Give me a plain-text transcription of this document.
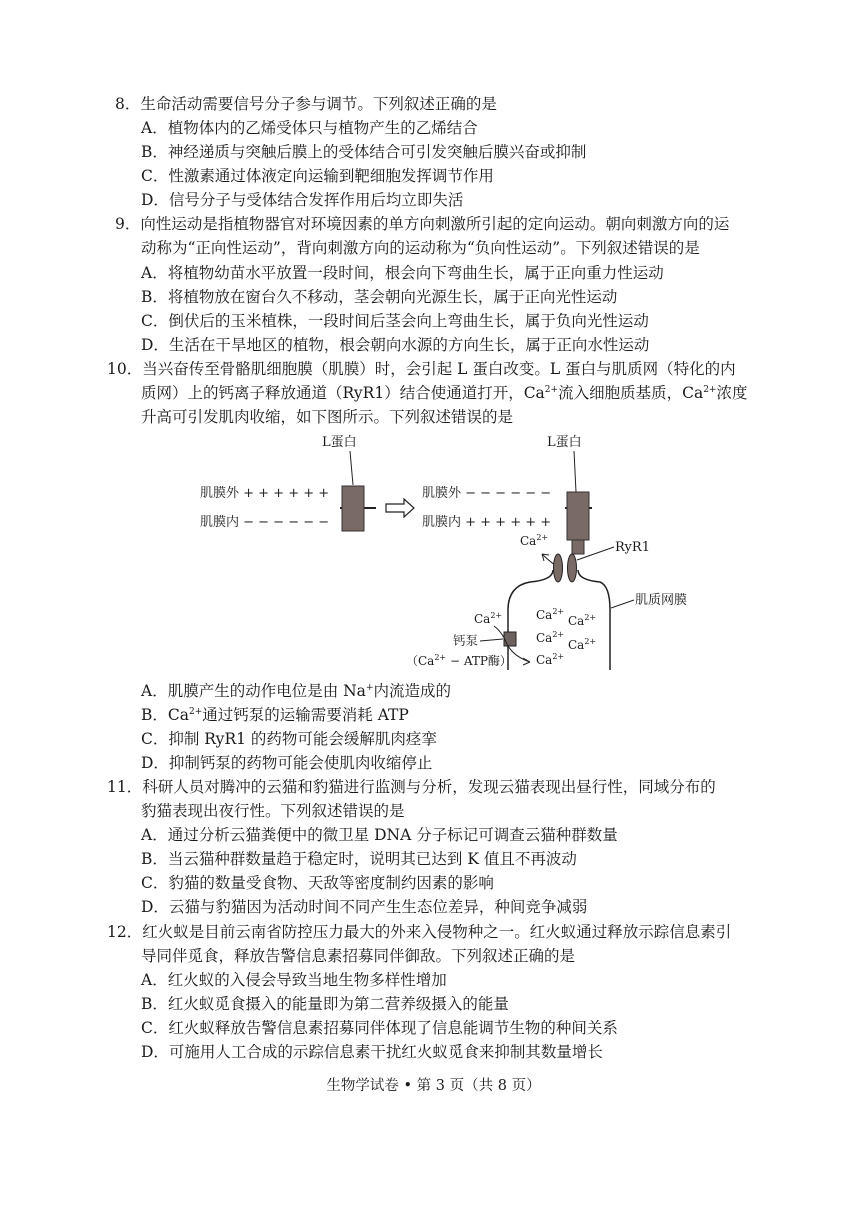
8．生命活动需要信号分子参与调节。下列叙述正确的是
A．植物体内的乙烯受体只与植物产生的乙烯结合
B．神经递质与突触后膜上的受体结合可引发突触后膜兴奋或抑制
C．性激素通过体液定向运输到靶细胞发挥调节作用
D．信号分子与受体结合发挥作用后均立即失活
9．向性运动是指植物器官对环境因素的单方向刺激所引起的定向运动。朝向刺激方向的运
动称为“正向性运动”，背向刺激方向的运动称为“负向性运动”。下列叙述错误的是
A．将植物幼苗水平放置一段时间，根会向下弯曲生长，属于正向重力性运动
B．将植物放在窗台久不移动，茎会朝向光源生长，属于正向光性运动
C．倒伏后的玉米植株，一段时间后茎会向上弯曲生长，属于负向光性运动
D．生活在干旱地区的植物，根会朝向水源的方向生长，属于正向水性运动
10．当兴奋传至骨骼肌细胞膜（肌膜）时，会引起 L 蛋白改变。L 蛋白与肌质网（特化的内
质网）上的钙离子释放通道（RyR1）结合使通道打开，$Ca^{2+}$流入细胞质基质，$Ca^{2+}$浓度
升高可引发肌肉收缩，如下图所示。下列叙述错误的是
L蛋白
肌膜外 + + + + + +
肌膜内 − − − − − −
L蛋白
肌膜外 − − − − − −
肌膜内 + + + + + +
$Ca^{2+}$
RyR1
肌质网膜
$Ca^{2+}$
$Ca^{2+}$
$Ca^{2+}$
$Ca^{2+}$
$Ca^{2+}$
$Ca^{2+}$
钙泵
（$Ca^{2+}$ − ATP酶）
A．肌膜产生的动作电位是由 Na+内流造成的
B．$Ca^{2+}$通过钙泵的运输需要消耗 ATP
C．抑制 RyR1 的药物可能会缓解肌肉痉挛
D．抑制钙泵的药物可能会使肌肉收缩停止
11．科研人员对腾冲的云猫和豹猫进行监测与分析，发现云猫表现出昼行性，同域分布的
豹猫表现出夜行性。下列叙述错误的是
A．通过分析云猫粪便中的微卫星 DNA 分子标记可调查云猫种群数量
B．当云猫种群数量趋于稳定时，说明其已达到 K 值且不再波动
C．豹猫的数量受食物、天敌等密度制约因素的影响
D．云猫与豹猫因为活动时间不同产生生态位差异，种间竞争减弱
12．红火蚁是目前云南省防控压力最大的外来入侵物种之一。红火蚁通过释放示踪信息素引
导同伴觅食，释放告警信息素招募同伴御敌。下列叙述正确的是
A．红火蚁的入侵会导致当地生物多样性增加
B．红火蚁觅食摄入的能量即为第二营养级摄入的能量
C．红火蚁释放告警信息素招募同伴体现了信息能调节生物的种间关系
D．可施用人工合成的示踪信息素干扰红火蚁觅食来抑制其数量增长
生物学试卷 • 第 3 页（共 8 页）
